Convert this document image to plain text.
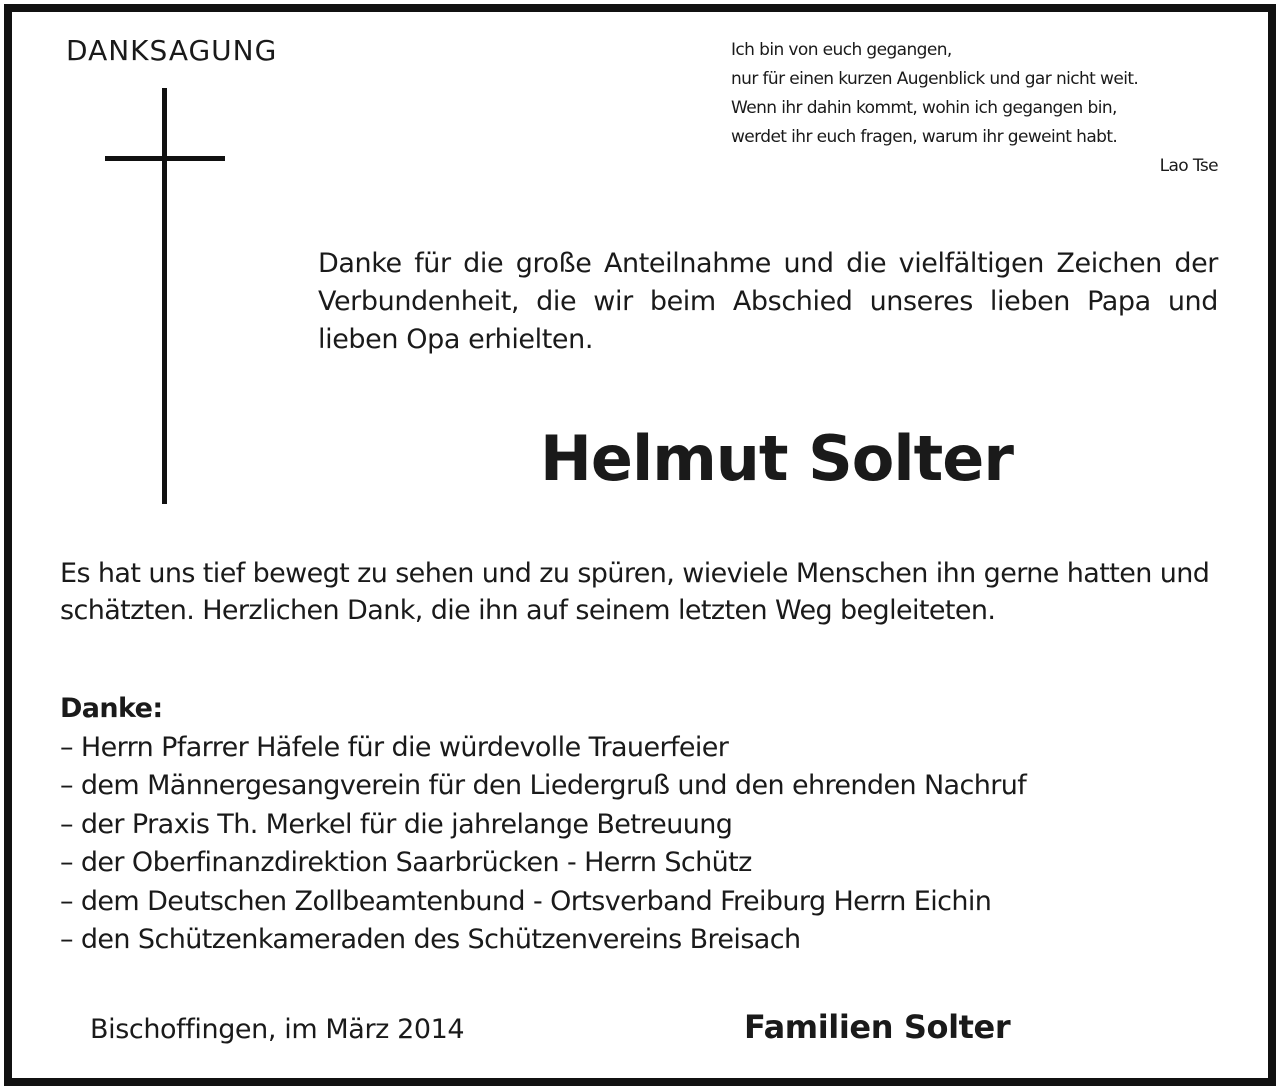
DANKSAGUNG	Ich bin von euch gegangen,
nur für einen kurzen Augenblick und gar nicht weit.
Wenn ihr dahin kommt, wohin ich gegangen bin,
werdet ihr euch fragen, warum ihr geweint habt.
Lao Tse
Danke für die große Anteilnahme und die vielfältigen Zeichen der Verbundenheit, die wir beim Abschied unseres lieben Papa und lieben Opa erhielten.
Helmut Solter
Es hat uns tief bewegt zu sehen und zu spüren, wieviele Menschen ihn gerne hatten und
schätzten. Herzlichen Dank, die ihn auf seinem letzten Weg begleiteten.
Danke:
– Herrn Pfarrer Häfele für die würdevolle Trauerfeier
– dem Männergesangverein für den Liedergruß und den ehrenden Nachruf
– der Praxis Th. Merkel für die jahrelange Betreuung
– der Oberfinanzdirektion Saarbrücken - Herrn Schütz
– dem Deutschen Zollbeamtenbund - Ortsverband Freiburg Herrn Eichin
– den Schützenkameraden des Schützenvereins Breisach
Bischoffingen, im März 2014	Familien Solter
